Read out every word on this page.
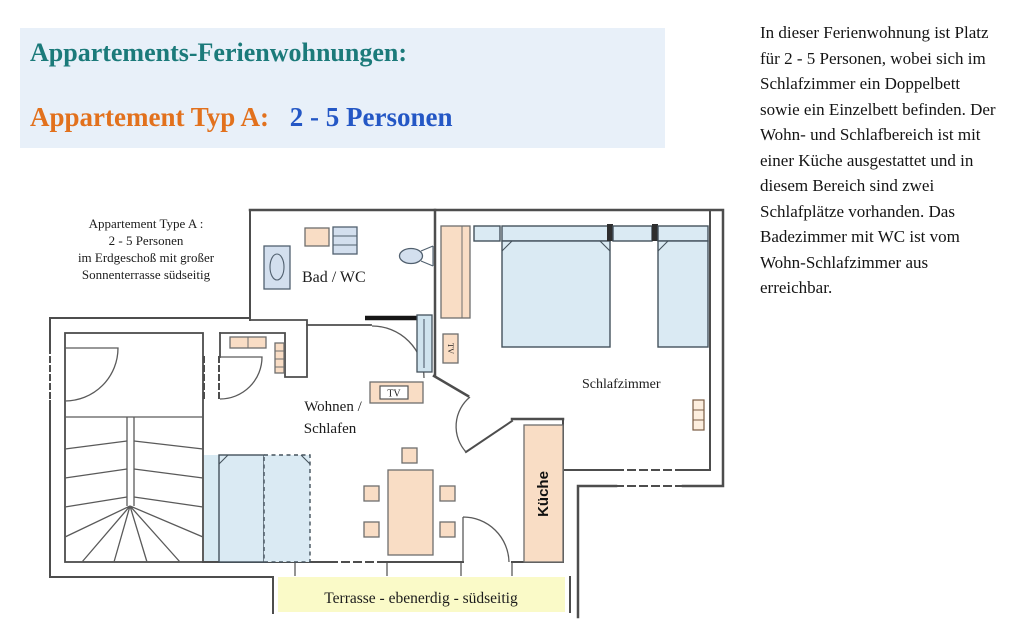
Appartements-Ferienwohnungen:
Appartement Typ A: 2 - 5 Personen
In dieser Ferienwohnung ist Platz
für 2 - 5 Personen, wobei sich im
Schlafzimmer ein Doppelbett
sowie ein Einzelbett befinden. Der
Wohn- und Schlafbereich ist mit
einer Küche ausgestattet und in
diesem Bereich sind zwei
Schlafplätze vorhanden. Das
Badezimmer mit WC ist vom
Wohn-Schlafzimmer aus
erreichbar.
Terrasse - ebenerdig - südseitig
TV
Küche
TV
Appartement Type A :
2 - 5 Personen
im Erdgeschoß mit großer
Sonnenterrasse südseitig	Bad / WC
Wohnen /
Schlafen
Schlafzimmer
